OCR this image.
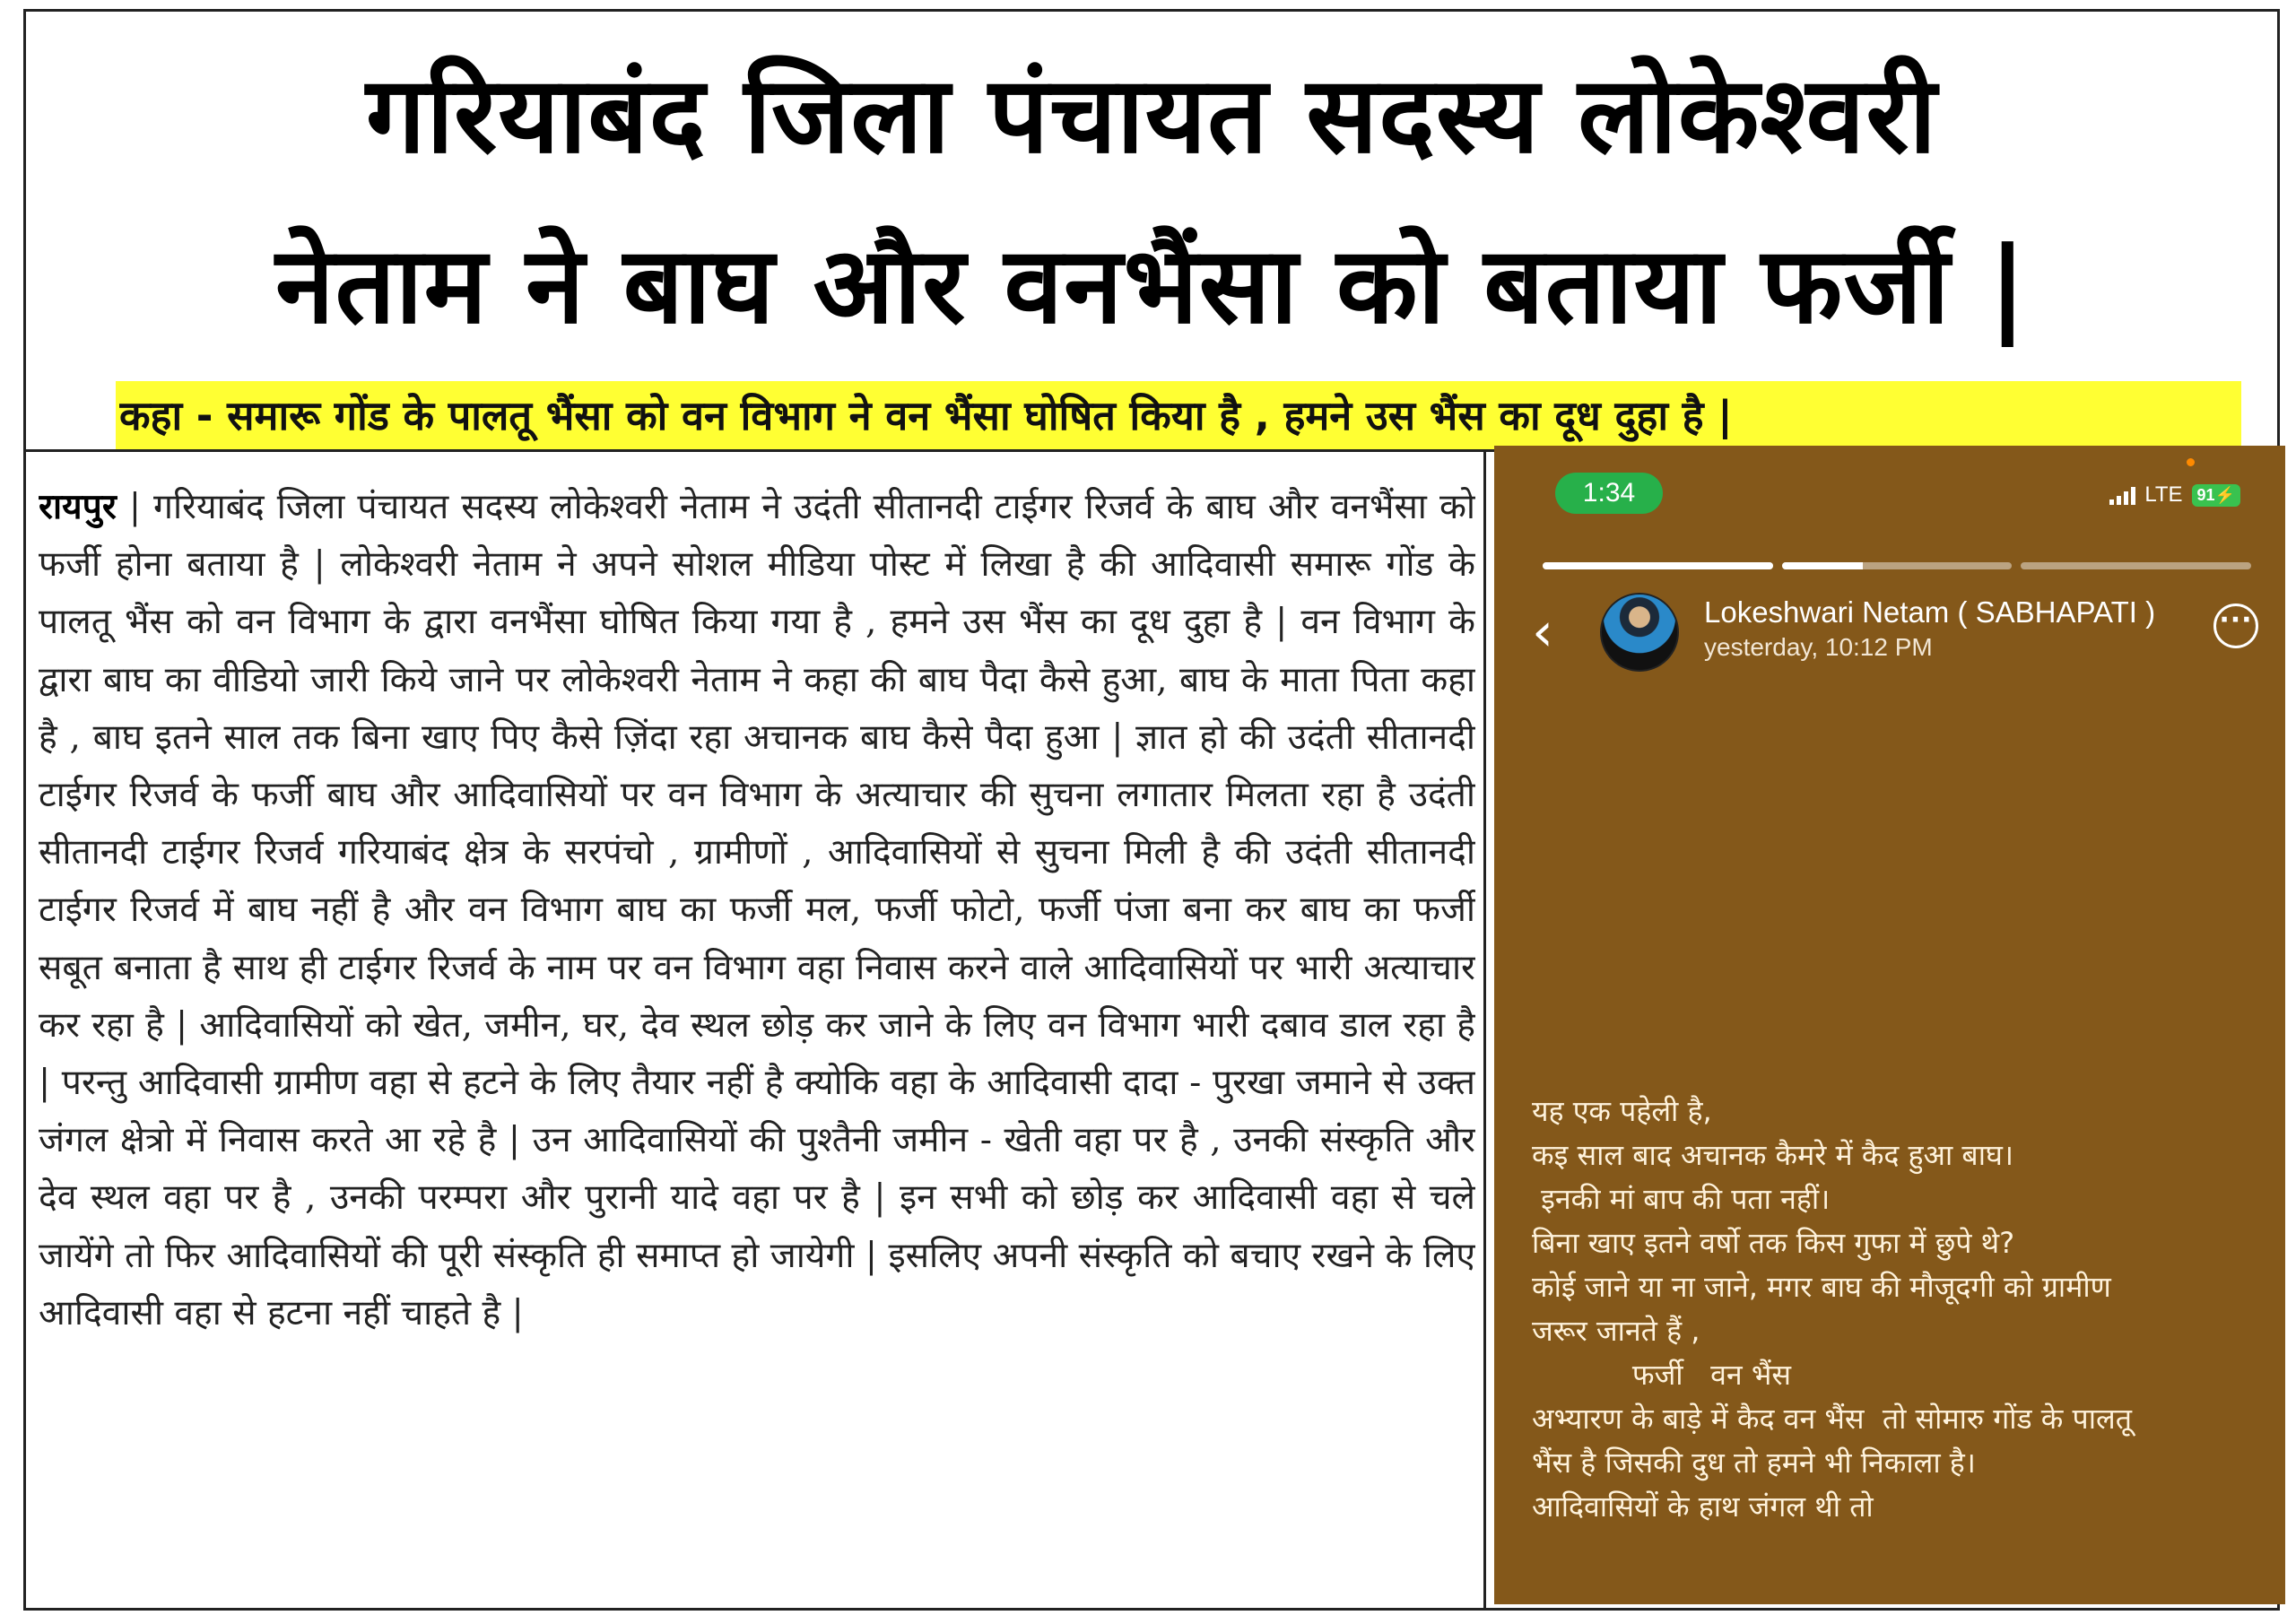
गरियाबंद जिला पंचायत सदस्य लोकेश्वरी
नेताम ने बाघ और वनभैंसा को बताया फर्जी |
कहा - समारू गोंड के पालतू भैंसा को वन विभाग ने वन भैंसा घोषित किया है , हमने उस भैंस का दूध दुहा है |
रायपुर | गरियाबंद जिला पंचायत सदस्य लोकेश्वरी नेताम ने उदंती सीतानदी टाईगर रिजर्व के बाघ और वनभैंसा को फर्जी होना बताया है | लोकेश्वरी नेताम ने अपने सोशल मीडिया पोस्ट में लिखा है की आदिवासी समारू गोंड के पालतू भैंस को वन विभाग के द्वारा वनभैंसा घोषित किया गया है , हमने उस भैंस का दूध दुहा है | वन विभाग के द्वारा बाघ का वीडियो जारी किये जाने पर लोकेश्वरी नेताम ने कहा की बाघ पैदा कैसे हुआ, बाघ के माता पिता कहा है , बाघ इतने साल तक बिना खाए पिए कैसे ज़िंदा रहा अचानक बाघ कैसे पैदा हुआ | ज्ञात हो की उदंती सीतानदी टाईगर रिजर्व के फर्जी बाघ और आदिवासियों पर वन विभाग के अत्याचार की सुचना लगातार मिलता रहा है उदंती सीतानदी टाईगर रिजर्व गरियाबंद क्षेत्र के सरपंचो , ग्रामीणों , आदिवासियों से सुचना मिली है की उदंती सीतानदी टाईगर रिजर्व में बाघ नहीं है और वन विभाग बाघ का फर्जी मल, फर्जी फोटो, फर्जी पंजा बना कर बाघ का फर्जी सबूत बनाता है साथ ही टाईगर रिजर्व के नाम पर वन विभाग वहा निवास करने वाले आदिवासियों पर भारी अत्याचार कर रहा है | आदिवासियों को खेत, जमीन, घर, देव स्थल छोड़ कर जाने के लिए वन विभाग भारी दबाव डाल रहा है | परन्तु आदिवासी ग्रामीण वहा से हटने के लिए तैयार नहीं है क्योकि वहा के आदिवासी दादा - पुरखा जमाने से उक्त जंगल क्षेत्रो में निवास करते आ रहे है | उन आदिवासियों की पुश्तैनी जमीन - खेती वहा पर है , उनकी संस्कृति और देव स्थल वहा पर है , उनकी परम्परा और पुरानी यादे वहा पर है | इन सभी को छोड़ कर आदिवासी वहा से चले जायेंगे तो फिर आदिवासियों की पूरी संस्कृति ही समाप्त हो जायेगी | इसलिए अपनी संस्कृति को बचाए रखने के लिए आदिवासी वहा से हटना नहीं चाहते है |
1:34	LTE 91⚡
‹	Lokeshwari Netam ( SABHAPATI )
yesterday, 10:12 PM
···
यह एक पहेली है,
कइ साल बाद अचानक कैमरे में कैद हुआ बाघ।
इनकी मां बाप की पता नहीं।
बिना खाए इतने वर्षो तक किस गुफा में छुपे थे?
कोई जाने या ना जाने, मगर बाघ की मौजूदगी को ग्रामीण
जरूर जानते हैं ,
फर्जी   वन भैंस
अभ्यारण के बाड़े में कैद वन भैंस  तो सोमारु गोंड के पालतू
भैंस है जिसकी दुध तो हमने भी निकाला है।
आदिवासियों के हाथ जंगल थी तो
